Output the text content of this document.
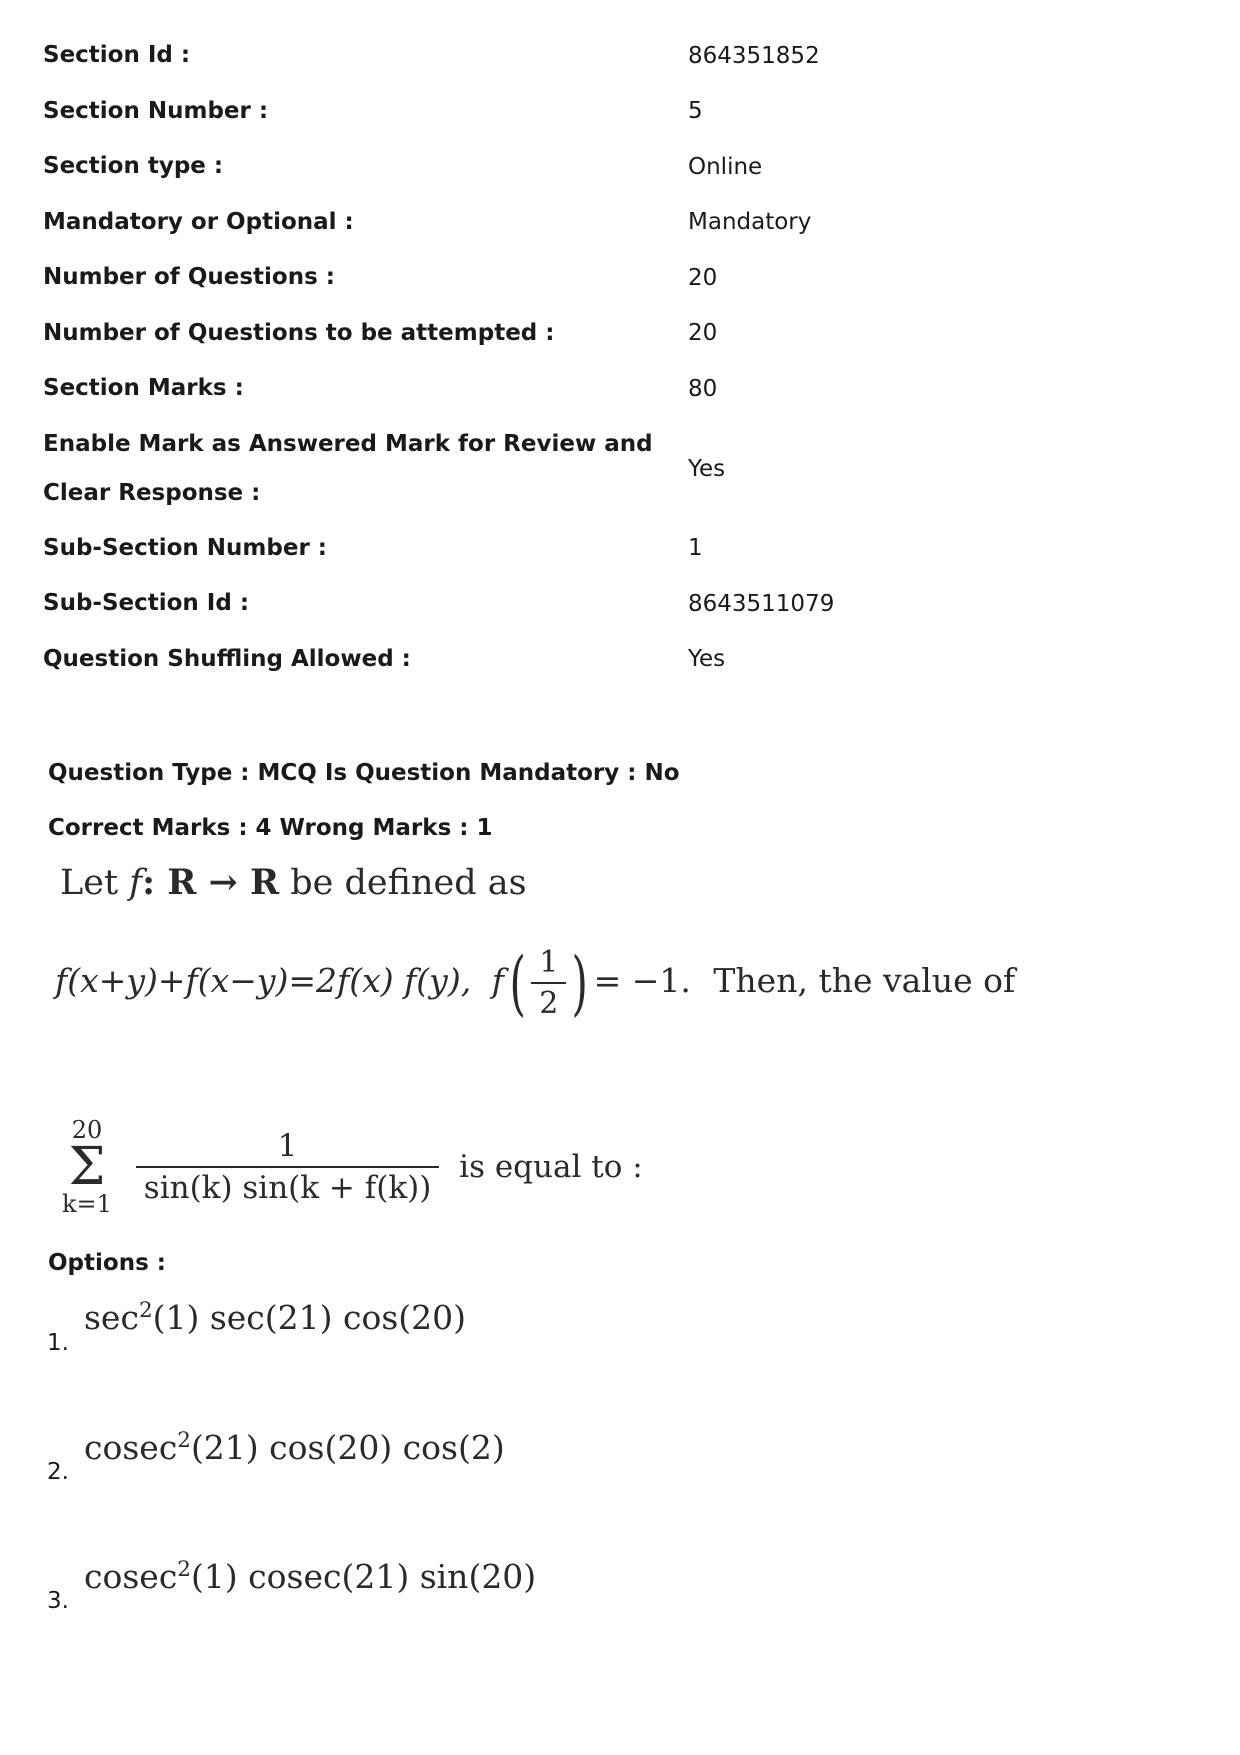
Section Id :	864351852
Section Number :	5
Section type :	Online
Mandatory or Optional :	Mandatory
Number of Questions :	20
Number of Questions to be attempted :	20
Section Marks :	80
Enable Mark as Answered Mark for Review and
Clear Response :	Yes
Sub-Section Number :	1
Sub-Section Id :	8643511079
Question Shuffling Allowed :	Yes
Question Type : MCQ Is Question Mandatory : No
Correct Marks : 4 Wrong Marks : 1
Let f: R → R be defined as
f(x+y)+f(x−y)=2f(x) f(y), $f( \frac{1}{2}$ ) = −1. Then, the value of
20
Σ
k=1
$\frac{1}{\sin(k) \sin(k + f(k))}$ is equal to :
Options :
1.
$\sec^2(1)$ sec(21) cos(20)
2.
cosec$^2$(21) cos(20) cos(2)
3.
cosec$^2$(1) cosec(21) sin(20)
